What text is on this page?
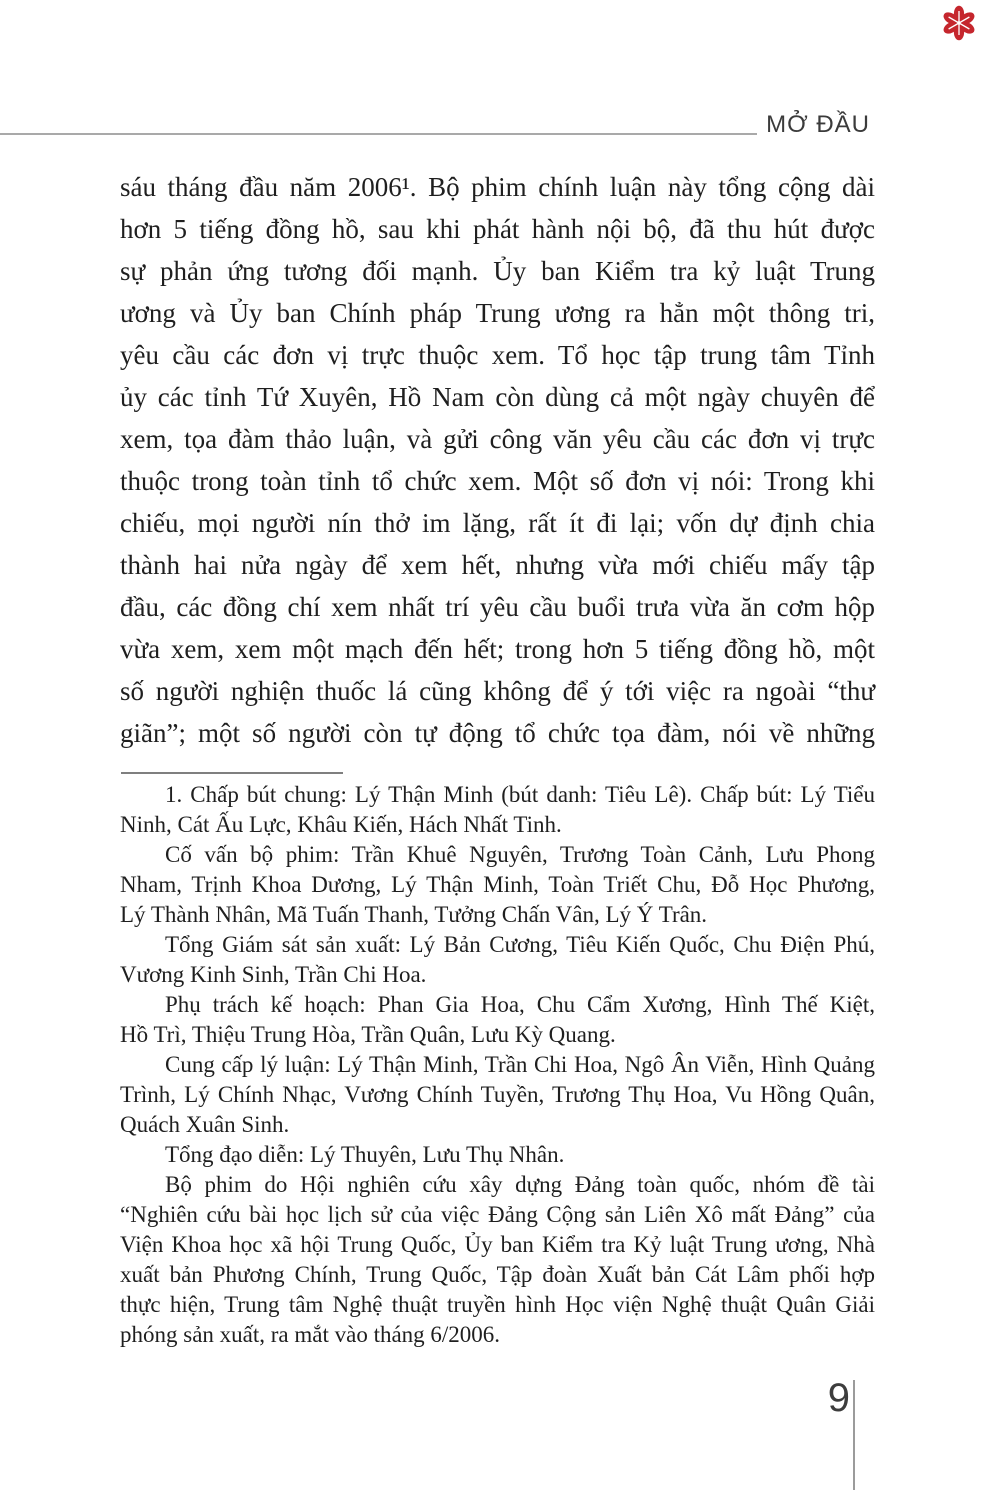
MỞ ĐẦU
sáu tháng đầu năm 2006¹. Bộ phim chính luận này tổng cộng dài
hơn 5 tiếng đồng hồ, sau khi phát hành nội bộ, đã thu hút được
sự phản ứng tương đối mạnh. Ủy ban Kiểm tra kỷ luật Trung
ương và Ủy ban Chính pháp Trung ương ra hẳn một thông tri,
yêu cầu các đơn vị trực thuộc xem. Tổ học tập trung tâm Tỉnh
ủy các tỉnh Tứ Xuyên, Hồ Nam còn dùng cả một ngày chuyên để
xem, tọa đàm thảo luận, và gửi công văn yêu cầu các đơn vị trực
thuộc trong toàn tỉnh tổ chức xem. Một số đơn vị nói: Trong khi
chiếu, mọi người nín thở im lặng, rất ít đi lại; vốn dự định chia
thành hai nửa ngày để xem hết, nhưng vừa mới chiếu mấy tập
đầu, các đồng chí xem nhất trí yêu cầu buổi trưa vừa ăn cơm hộp
vừa xem, xem một mạch đến hết; trong hơn 5 tiếng đồng hồ, một
số người nghiện thuốc lá cũng không để ý tới việc ra ngoài “thư
giãn”; một số người còn tự động tổ chức tọa đàm, nói về những
1. Chấp bút chung: Lý Thận Minh (bút danh: Tiêu Lê). Chấp bút: Lý Tiểu
Ninh, Cát Ấu Lực, Khâu Kiến, Hách Nhất Tinh.
Cố vấn bộ phim: Trần Khuê Nguyên, Trương Toàn Cảnh, Lưu Phong
Nham, Trịnh Khoa Dương, Lý Thận Minh, Toàn Triết Chu, Đỗ Học Phương,
Lý Thành Nhân, Mã Tuấn Thanh, Tưởng Chấn Vân, Lý Ý Trân.
Tổng Giám sát sản xuất: Lý Bản Cương, Tiêu Kiến Quốc, Chu Điện Phú,
Vương Kinh Sinh, Trần Chi Hoa.
Phụ trách kế hoạch: Phan Gia Hoa, Chu Cẩm Xương, Hình Thế Kiệt,
Hồ Trì, Thiệu Trung Hòa, Trần Quân, Lưu Kỳ Quang.
Cung cấp lý luận: Lý Thận Minh, Trần Chi Hoa, Ngô Ân Viễn, Hình Quảng
Trình, Lý Chính Nhạc, Vương Chính Tuyền, Trương Thụ Hoa, Vu Hồng Quân,
Quách Xuân Sinh.
Tổng đạo diễn: Lý Thuyên, Lưu Thụ Nhân.
Bộ phim do Hội nghiên cứu xây dựng Đảng toàn quốc, nhóm đề tài
“Nghiên cứu bài học lịch sử của việc Đảng Cộng sản Liên Xô mất Đảng” của
Viện Khoa học xã hội Trung Quốc, Ủy ban Kiểm tra Kỷ luật Trung ương, Nhà
xuất bản Phương Chính, Trung Quốc, Tập đoàn Xuất bản Cát Lâm phối hợp
thực hiện, Trung tâm Nghệ thuật truyền hình Học viện Nghệ thuật Quân Giải
phóng sản xuất, ra mắt vào tháng 6/2006.
9
